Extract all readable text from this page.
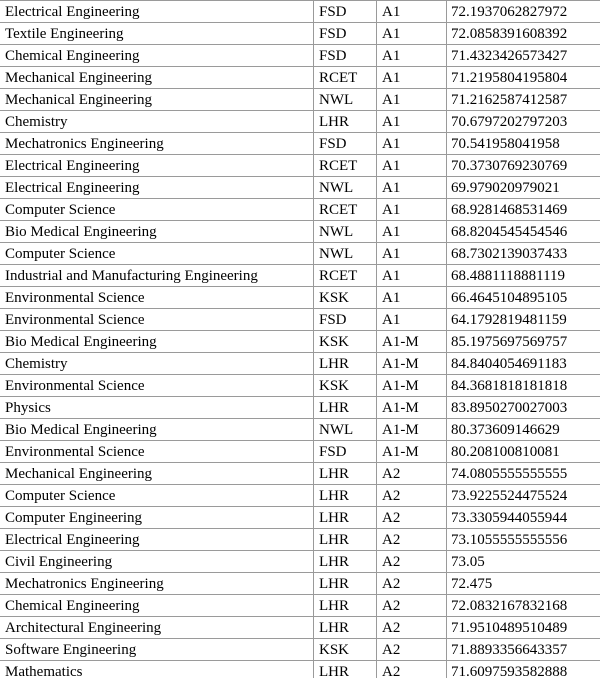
Electrical Engineering	FSD	A1	72.1937062827972
Textile Engineering	FSD	A1	72.0858391608392
Chemical Engineering	FSD	A1	71.4323426573427
Mechanical Engineering	RCET	A1	71.2195804195804
Mechanical Engineering	NWL	A1	71.2162587412587
Chemistry	LHR	A1	70.6797202797203
Mechatronics Engineering	FSD	A1	70.541958041958
Electrical Engineering	RCET	A1	70.3730769230769
Electrical Engineering	NWL	A1	69.979020979021
Computer Science	RCET	A1	68.9281468531469
Bio Medical Engineering	NWL	A1	68.8204545454546
Computer Science	NWL	A1	68.7302139037433
Industrial and Manufacturing Engineering	RCET	A1	68.4881118881119
Environmental Science	KSK	A1	66.4645104895105
Environmental Science	FSD	A1	64.1792819481159
Bio Medical Engineering	KSK	A1-M	85.1975697569757
Chemistry	LHR	A1-M	84.8404054691183
Environmental Science	KSK	A1-M	84.3681818181818
Physics	LHR	A1-M	83.8950270027003
Bio Medical Engineering	NWL	A1-M	80.373609146629
Environmental Science	FSD	A1-M	80.208100810081
Mechanical Engineering	LHR	A2	74.0805555555555
Computer Science	LHR	A2	73.9225524475524
Computer Engineering	LHR	A2	73.3305944055944
Electrical Engineering	LHR	A2	73.1055555555556
Civil Engineering	LHR	A2	73.05
Mechatronics Engineering	LHR	A2	72.475
Chemical Engineering	LHR	A2	72.0832167832168
Architectural Engineering	LHR	A2	71.9510489510489
Software Engineering	KSK	A2	71.8893356643357
Mathematics	LHR	A2	71.6097593582888
